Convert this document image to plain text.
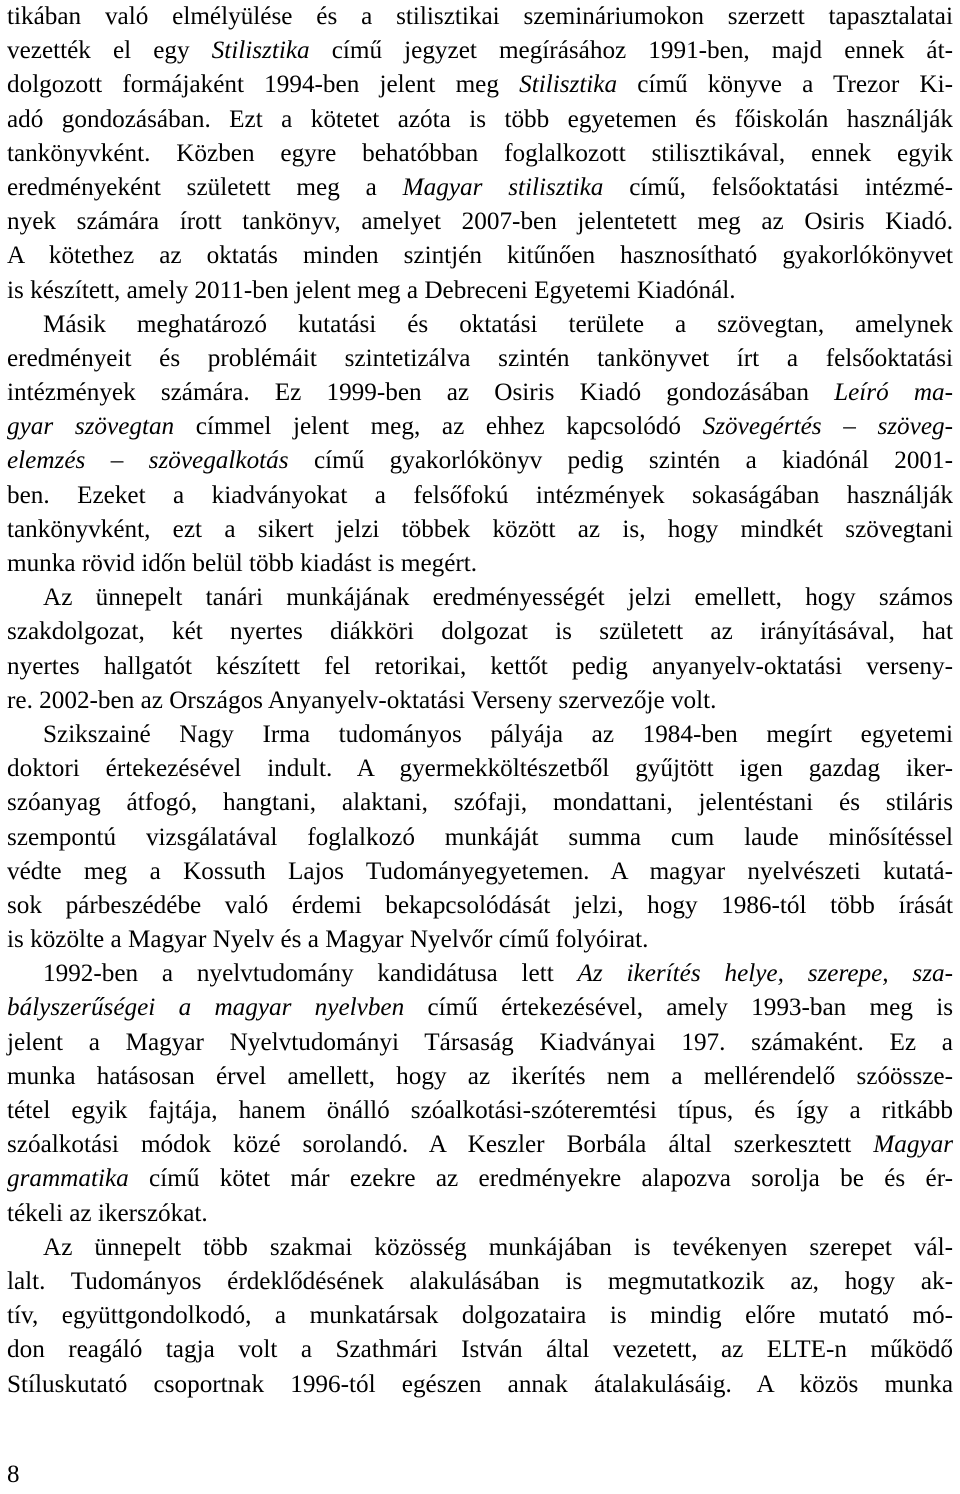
tikában való elmélyülése és a stilisztikai szemináriumokon szerzett tapasztalatai
vezették el egy Stilisztika című jegyzet megírásához 1991-ben, majd ennek át-
dolgozott formájaként 1994-ben jelent meg Stilisztika című könyve a Trezor Ki-
adó gondozásában. Ezt a kötetet azóta is több egyetemen és főiskolán használják
tankönyvként. Közben egyre behatóbban foglalkozott stilisztikával, ennek egyik
eredményeként született meg a Magyar stilisztika című, felsőoktatási intézmé-
nyek számára írott tankönyv, amelyet 2007-ben jelentetett meg az Osiris Kiadó.
A kötethez az oktatás minden szintjén kitűnően hasznosítható gyakorlókönyvet
is készített, amely 2011-ben jelent meg a Debreceni Egyetemi Kiadónál.
Másik meghatározó kutatási és oktatási területe a szövegtan, amelynek
eredményeit és problémáit szintetizálva szintén tankönyvet írt a felsőoktatási
intézmények számára. Ez 1999-ben az Osiris Kiadó gondozásában Leíró ma-
gyar szövegtan címmel jelent meg, az ehhez kapcsolódó Szövegértés – szöveg-
elemzés – szövegalkotás című gyakorlókönyv pedig szintén a kiadónál 2001-
ben. Ezeket a kiadványokat a felsőfokú intézmények sokaságában használják
tankönyvként, ezt a sikert jelzi többek között az is, hogy mindkét szövegtani
munka rövid időn belül több kiadást is megért.
Az ünnepelt tanári munkájának eredményességét jelzi emellett, hogy számos
szakdolgozat, két nyertes diákköri dolgozat is született az irányításával, hat
nyertes hallgatót készített fel retorikai, kettőt pedig anyanyelv-oktatási verseny-
re. 2002-ben az Országos Anyanyelv-oktatási Verseny szervezője volt.
Szikszainé Nagy Irma tudományos pályája az 1984-ben megírt egyetemi
doktori értekezésével indult. A gyermekköltészetből gyűjtött igen gazdag iker-
szóanyag átfogó, hangtani, alaktani, szófaji, mondattani, jelentéstani és stiláris
szempontú vizsgálatával foglalkozó munkáját summa cum laude minősítéssel
védte meg a Kossuth Lajos Tudományegyetemen. A magyar nyelvészeti kutatá-
sok párbeszédébe való érdemi bekapcsolódását jelzi, hogy 1986-tól több írását
is közölte a Magyar Nyelv és a Magyar Nyelvőr című folyóirat.
1992-ben a nyelvtudomány kandidátusa lett Az ikerítés helye, szerepe, sza-
bályszerűségei a magyar nyelvben című értekezésével, amely 1993-ban meg is
jelent a Magyar Nyelvtudományi Társaság Kiadványai 197. számaként. Ez a
munka hatásosan érvel amellett, hogy az ikerítés nem a mellérendelő szóössze-
tétel egyik fajtája, hanem önálló szóalkotási-szóteremtési típus, és így a ritkább
szóalkotási módok közé sorolandó. A Keszler Borbála által szerkesztett Magyar
grammatika című kötet már ezekre az eredményekre alapozva sorolja be és ér-
tékeli az ikerszókat.
Az ünnepelt több szakmai közösség munkájában is tevékenyen szerepet vál-
lalt. Tudományos érdeklődésének alakulásában is megmutatkozik az, hogy ak-
tív, együttgondolkodó, a munkatársak dolgozataira is mindig előre mutató mó-
don reagáló tagja volt a Szathmári István által vezetett, az ELTE-n működő
Stíluskutató csoportnak 1996-tól egészen annak átalakulásáig. A közös munka
8
